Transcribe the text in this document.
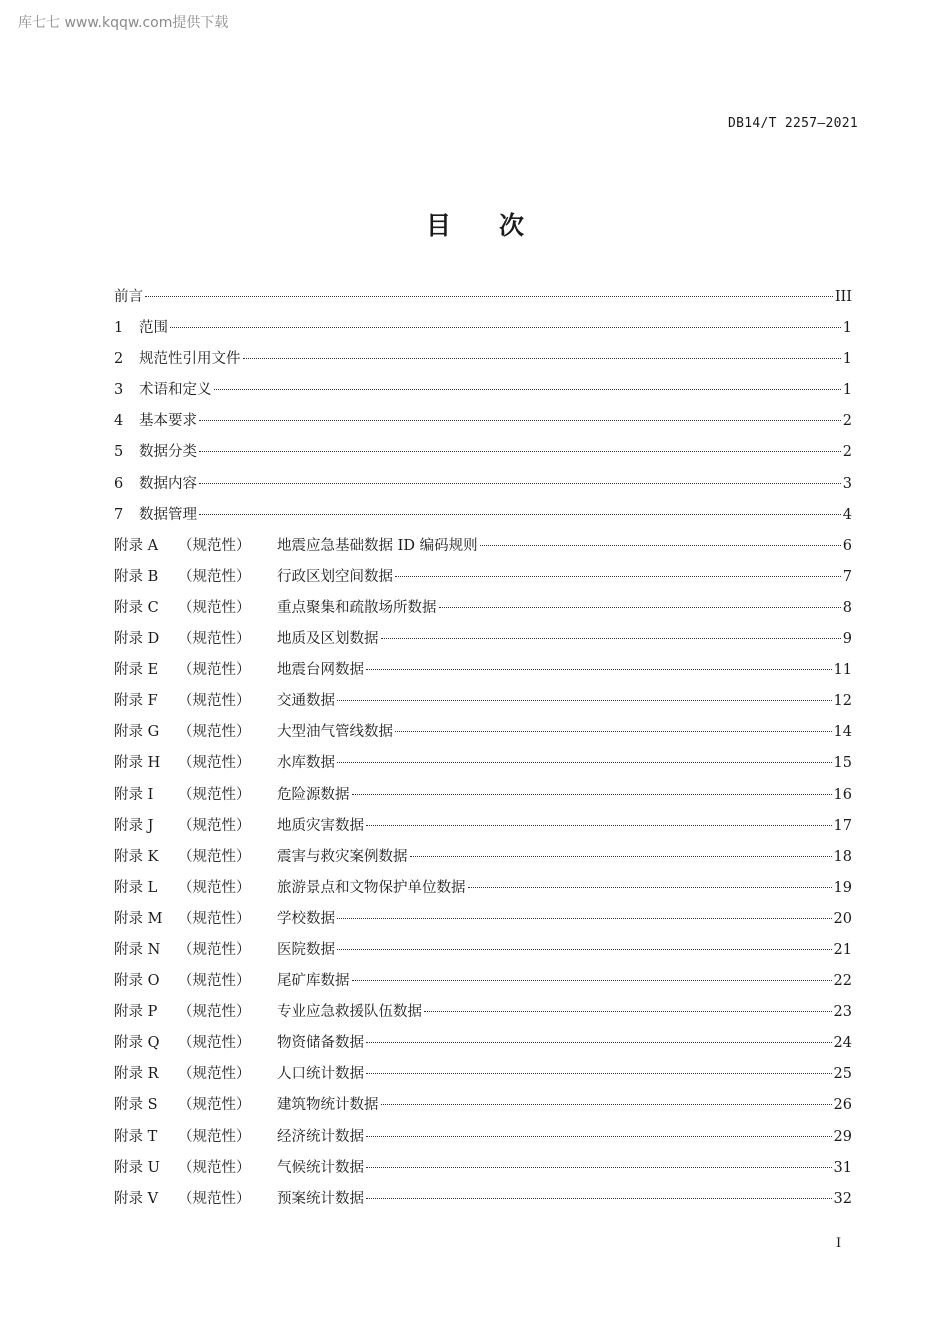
库七七 www.kqqw.com提供下载
DB14/T 2257—2021
目 次
前言	III
1	范围	1
2	规范性引用文件	1
3	术语和定义	1
4	基本要求	2
5	数据分类	2
6	数据内容	3
7	数据管理	4
附录 A	（规范性）	地震应急基础数据 ID 编码规则	6
附录 B	（规范性）	行政区划空间数据	7
附录 C	（规范性）	重点聚集和疏散场所数据	8
附录 D	（规范性）	地质及区划数据	9
附录 E	（规范性）	地震台网数据	11
附录 F	（规范性）	交通数据	12
附录 G	（规范性）	大型油气管线数据	14
附录 H	（规范性）	水库数据	15
附录 I	（规范性）	危险源数据	16
附录 J	（规范性）	地质灾害数据	17
附录 K	（规范性）	震害与救灾案例数据	18
附录 L	（规范性）	旅游景点和文物保护单位数据	19
附录 M	（规范性）	学校数据	20
附录 N	（规范性）	医院数据	21
附录 O	（规范性）	尾矿库数据	22
附录 P	（规范性）	专业应急救援队伍数据	23
附录 Q	（规范性）	物资储备数据	24
附录 R	（规范性）	人口统计数据	25
附录 S	（规范性）	建筑物统计数据	26
附录 T	（规范性）	经济统计数据	29
附录 U	（规范性）	气候统计数据	31
附录 V	（规范性）	预案统计数据	32
I
